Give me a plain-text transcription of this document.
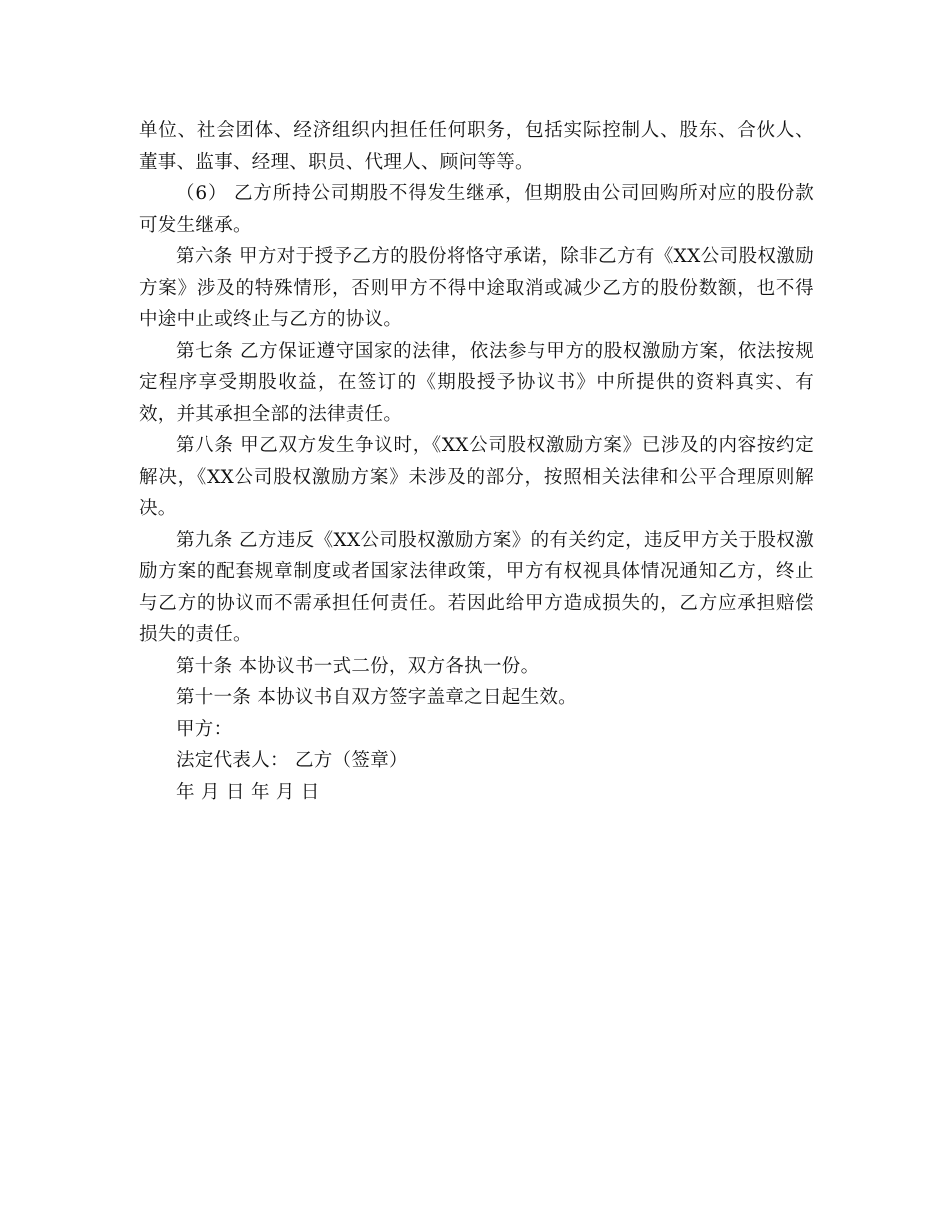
单位、社会团体、经济组织内担任任何职务，包括实际控制人、股东、合伙人、董事、监事、经理、职员、代理人、顾问等等。

（6） 乙方所持公司期股不得发生继承，但期股由公司回购所对应的股份款可发生继承。

第六条 甲方对于授予乙方的股份将恪守承诺，除非乙方有《XX公司股权激励方案》涉及的特殊情形，否则甲方不得中途取消或减少乙方的股份数额，也不得中途中止或终止与乙方的协议。

第七条 乙方保证遵守国家的法律，依法参与甲方的股权激励方案，依法按规定程序享受期股收益，在签订的《期股授予协议书》中所提供的资料真实、有效，并其承担全部的法律责任。

第八条 甲乙双方发生争议时，《XX公司股权激励方案》已涉及的内容按约定解决，《XX公司股权激励方案》未涉及的部分，按照相关法律和公平合理原则解决。

第九条 乙方违反《XX公司股权激励方案》的有关约定，违反甲方关于股权激励方案的配套规章制度或者国家法律政策，甲方有权视具体情况通知乙方，终止与乙方的协议而不需承担任何责任。若因此给甲方造成损失的，乙方应承担赔偿损失的责任。

第十条 本协议书一式二份，双方各执一份。

第十一条 本协议书自双方签字盖章之日起生效。

甲方：
法定代表人： 乙方（签章）
年 月 日 年 月 日
